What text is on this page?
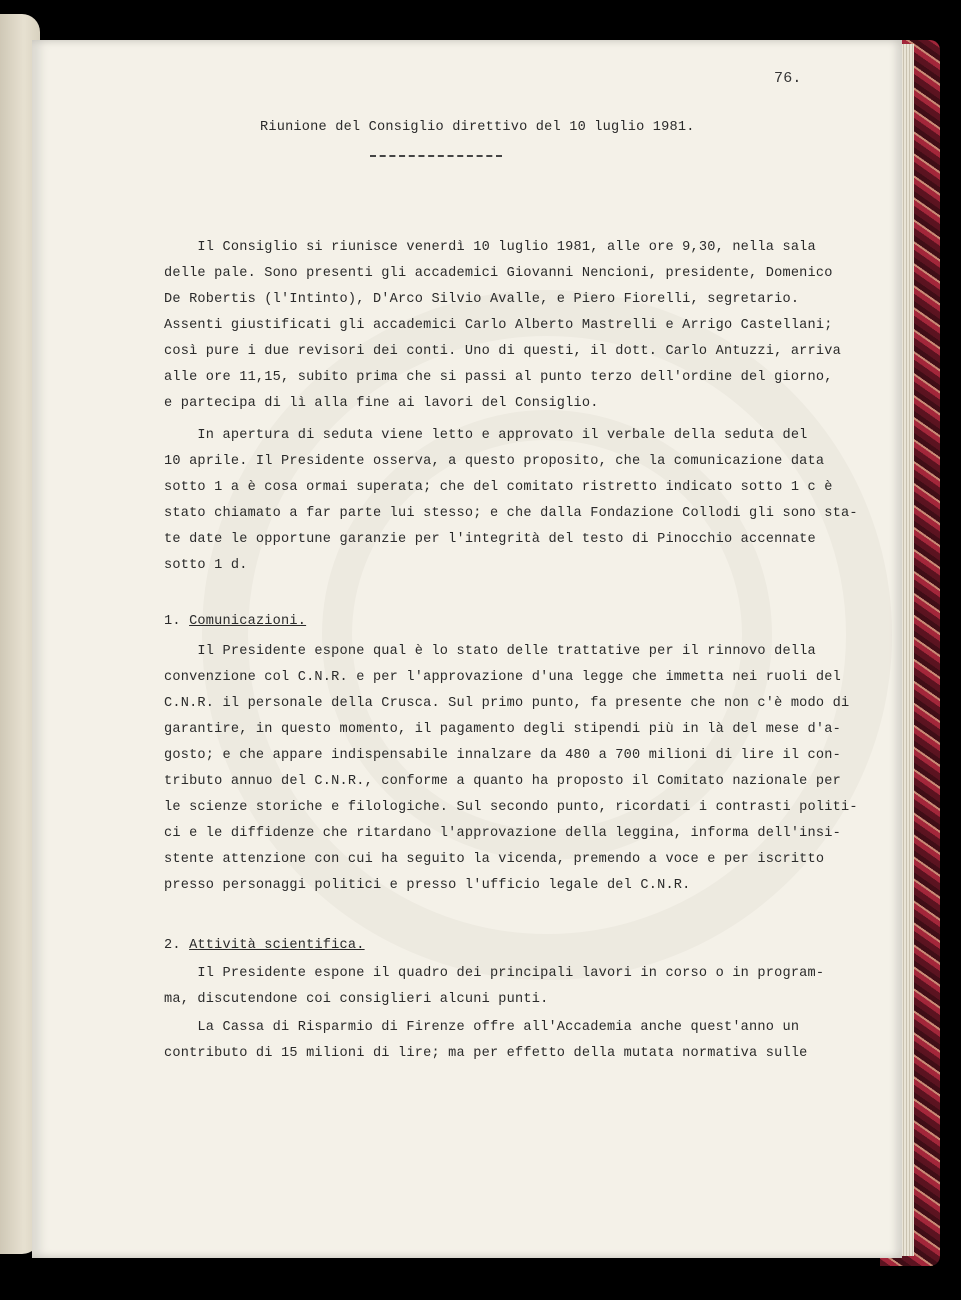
76.
Riunione del Consiglio direttivo del 10 luglio 1981.
Il Consiglio si riunisce venerdì 10 luglio 1981, alle ore 9,30, nella sala
delle pale. Sono presenti gli accademici Giovanni Nencioni, presidente, Domenico
De Robertis (l'Intinto), D'Arco Silvio Avalle, e Piero Fiorelli, segretario.
Assenti giustificati gli accademici Carlo Alberto Mastrelli e Arrigo Castellani;
così pure i due revisori dei conti. Uno di questi, il dott. Carlo Antuzzi, arriva
alle ore 11,15, subito prima che si passi al punto terzo dell'ordine del giorno,
e partecipa di lì alla fine ai lavori del Consiglio.
In apertura di seduta viene letto e approvato il verbale della seduta del
10 aprile. Il Presidente osserva, a questo proposito, che la comunicazione data
sotto 1 a è cosa ormai superata; che del comitato ristretto indicato sotto 1 c è
stato chiamato a far parte lui stesso; e che dalla Fondazione Collodi gli sono sta-
te date le opportune garanzie per l'integrità del testo di Pinocchio accennate
sotto 1 d.
1. Comunicazioni.
Il Presidente espone qual è lo stato delle trattative per il rinnovo della
convenzione col C.N.R. e per l'approvazione d'una legge che immetta nei ruoli del
C.N.R. il personale della Crusca. Sul primo punto, fa presente che non c'è modo di
garantire, in questo momento, il pagamento degli stipendi più in là del mese d'a-
gosto; e che appare indispensabile innalzare da 480 a 700 milioni di lire il con-
tributo annuo del C.N.R., conforme a quanto ha proposto il Comitato nazionale per
le scienze storiche e filologiche. Sul secondo punto, ricordati i contrasti politi-
ci e le diffidenze che ritardano l'approvazione della leggina, informa dell'insi-
stente attenzione con cui ha seguito la vicenda, premendo a voce e per iscritto
presso personaggi politici e presso l'ufficio legale del C.N.R.
2. Attività scientifica.
Il Presidente espone il quadro dei principali lavori in corso o in program-
ma, discutendone coi consiglieri alcuni punti.
La Cassa di Risparmio di Firenze offre all'Accademia anche quest'anno un
contributo di 15 milioni di lire; ma per effetto della mutata normativa sulle
